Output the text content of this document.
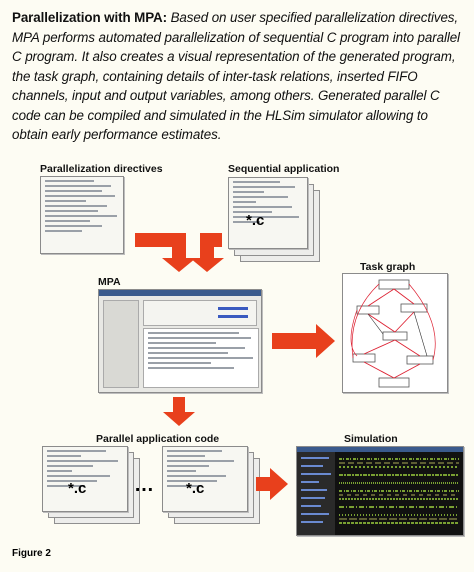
Parallelization with MPA: Based on user specified parallelization directives, MPA performs automated parallelization of sequential C program into parallel C program. It also creates a visual representation of the generated program, the task graph, containing details of inter-task relations, inserted FIFO channels, input and output variables, among others. Generated parallel C code can be compiled and simulated in the HLSim simulator allowing to obtain early performance estimates.
Parallelization directives	Sequential application
MPA
Task graph
Parallel application code	Simulation
*.c
*.c … *.c
Figure 2
